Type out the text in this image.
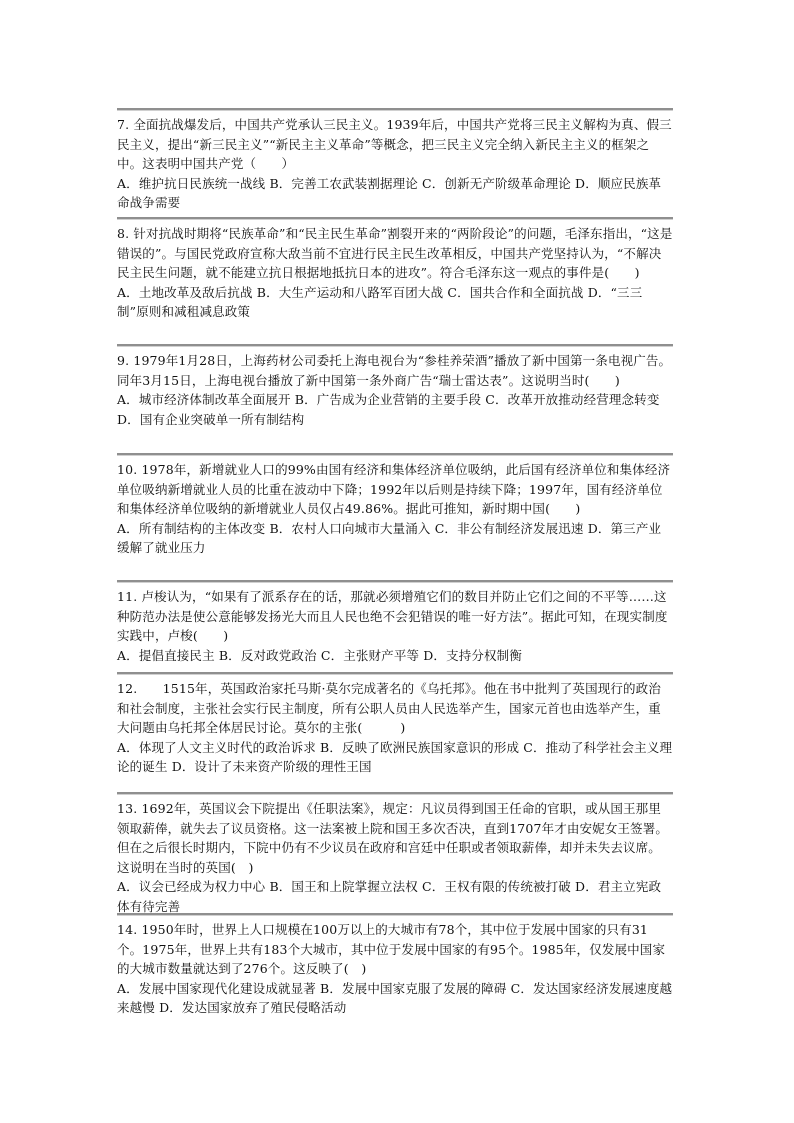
7. 全面抗战爆发后，中国共产党承认三民主义。1939年后，中国共产党将三民主义解构为真、假三民主义，提出“新三民主义”“新民主主义革命”等概念，把三民主义完全纳入新民主主义的框架之中。这表明中国共产党（　　）

A．维护抗日民族统一战线 B．完善工农武装割据理论 C．创新无产阶级革命理论 D．顺应民族革命战争需要

8. 针对抗战时期将“民族革命”和“民主民生革命”割裂开来的“两阶段论”的问题，毛泽东指出，“这是错误的”。与国民党政府宣称大敌当前不宜进行民主民生改革相反，中国共产党坚持认为，“不解决民主民生问题，就不能建立抗日根据地抵抗日本的进攻”。符合毛泽东这一观点的事件是(　　)

A．土地改革及敌后抗战 B．大生产运动和八路军百团大战 C．国共合作和全面抗战 D．“三三制”原则和减租减息政策

9. 1979年1月28日，上海药材公司委托上海电视台为“参桂养荣酒”播放了新中国第一条电视广告。同年3月15日，上海电视台播放了新中国第一条外商广告“瑞士雷达表”。这说明当时(　　)

A．城市经济体制改革全面展开 B．广告成为企业营销的主要手段 C．改革开放推动经营理念转变 D．国有企业突破单一所有制结构

10. 1978年，新增就业人口的99%由国有经济和集体经济单位吸纳，此后国有经济单位和集体经济单位吸纳新增就业人员的比重在波动中下降；1992年以后则是持续下降；1997年，国有经济单位和集体经济单位吸纳的新增就业人员仅占49.86%。据此可推知，新时期中国(　　)

A．所有制结构的主体改变 B．农村人口向城市大量涌入 C．非公有制经济发展迅速 D．第三产业缓解了就业压力

11. 卢梭认为，“如果有了派系存在的话，那就必须增殖它们的数目并防止它们之间的不平等……这种防范办法是使公意能够发扬光大而且人民也绝不会犯错误的唯一好方法”。据此可知，在现实制度实践中，卢梭(　　)

A．提倡直接民主 B．反对政党政治 C．主张财产平等 D．支持分权制衡

12.　　1515年，英国政治家托马斯·莫尔完成著名的《乌托邦》。他在书中批判了英国现行的政治和社会制度，主张社会实行民主制度，所有公职人员由人民选举产生，国家元首也由选举产生，重大问题由乌托邦全体居民讨论。莫尔的主张(　　　)

A．体现了人文主义时代的政治诉求 B．反映了欧洲民族国家意识的形成 C．推动了科学社会主义理论的诞生 D．设计了未来资产阶级的理性王国

13. 1692年，英国议会下院提出《任职法案》，规定：凡议员得到国王任命的官职，或从国王那里领取薪俸，就失去了议员资格。这一法案被上院和国王多次否决，直到1707年才由安妮女王签署。但在之后很长时期内，下院中仍有不少议员在政府和宫廷中任职或者领取薪俸，却并未失去议席。这说明在当时的英国(　)

A．议会已经成为权力中心 B．国王和上院掌握立法权 C．王权有限的传统被打破 D．君主立宪政体有待完善

14. 1950年时，世界上人口规模在100万以上的大城市有78个，其中位于发展中国家的只有31个。1975年，世界上共有183个大城市，其中位于发展中国家的有95个。1985年，仅发展中国家的大城市数量就达到了276个。这反映了(　)

A．发展中国家现代化建设成就显著 B．发展中国家克服了发展的障碍 C．发达国家经济发展速度越来越慢 D．发达国家放弃了殖民侵略活动
